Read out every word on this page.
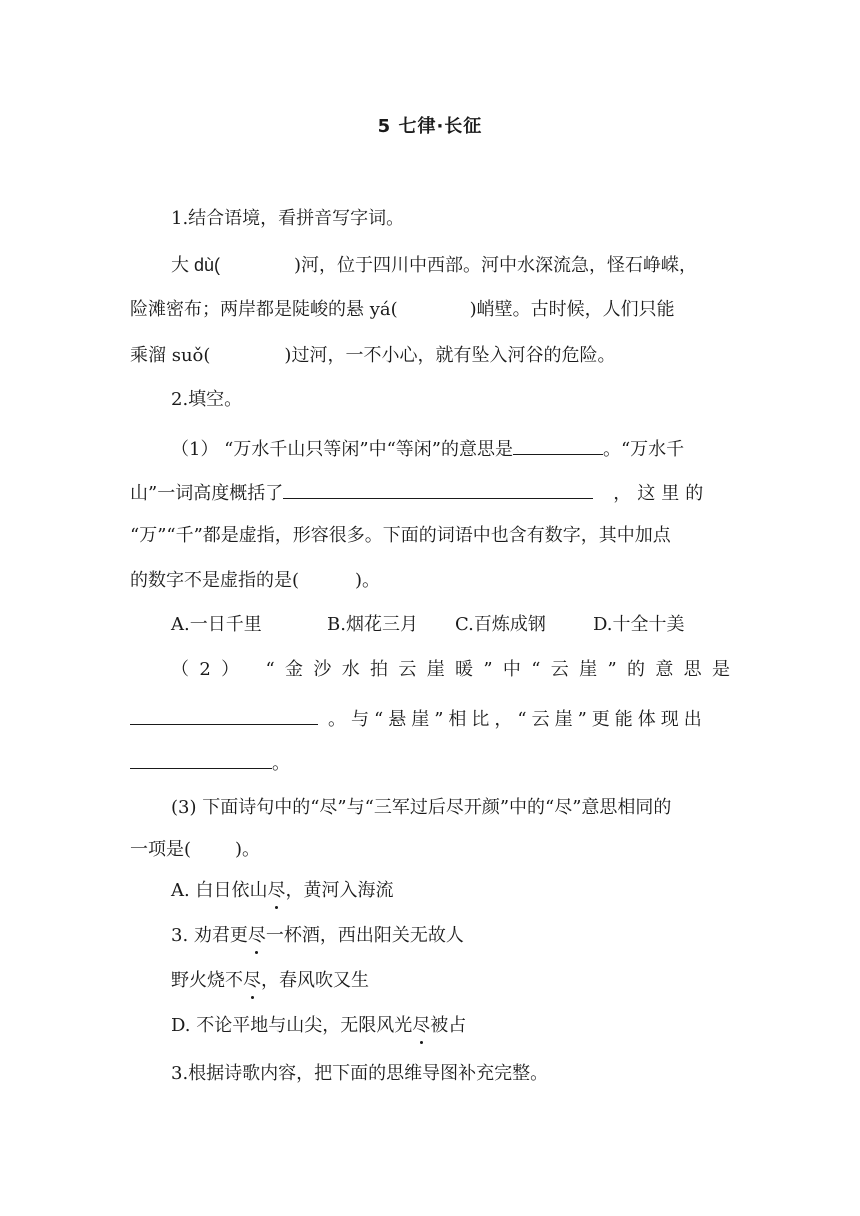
5 七律·长征
1.结合语境，看拼音写字词。
大 dù(	)河，位于四川中西部。河中水深流急，怪石峥嵘，
险滩密布；两岸都是陡峻的悬 yá(	)峭壁。古时候，人们只能
乘溜 suǒ(	)过河，一不小心，就有坠入河谷的危险。
2.填空。
（1） “万水千山只等闲”中“等闲”的意思是	。“万水千
山”一词高度概括了	，这里的
“万”“千”都是虚指，形容很多。下面的词语中也含有数字，其中加点
的数字不是虚指的是(	)。
A.一日千里	B.烟花三月 C.百炼成钢	D.十全十美
（2） “金沙水拍云崖暖”中“云崖”的意思是
。与“悬崖”相比，“云崖”更能体现出
。
(3) 下面诗句中的“尽”与“三军过后尽开颜”中的“尽”意思相同的
一项是( )。
A. 白日依山尽，黄河入海流
3. 劝君更尽一杯酒，西出阳关无故人
野火烧不尽，春风吹又生
D. 不论平地与山尖，无限风光尽被占
3.根据诗歌内容，把下面的思维导图补充完整。
